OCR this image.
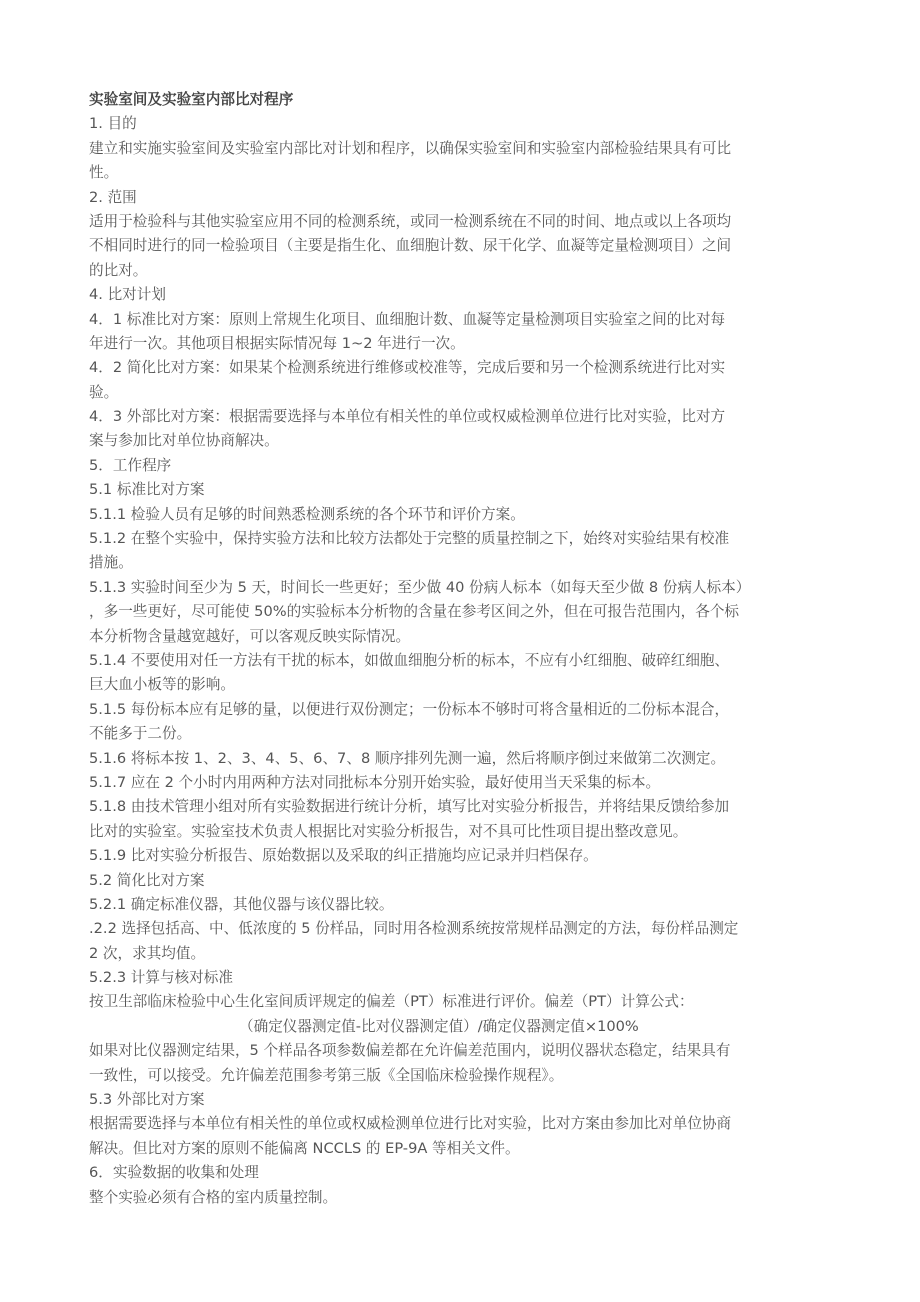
实验室间及实验室内部比对程序
1. 目的
建立和实施实验室间及实验室内部比对计划和程序，以确保实验室间和实验室内部检验结果具有可比
性。
2. 范围
适用于检验科与其他实验室应用不同的检测系统，或同一检测系统在不同的时间、地点或以上各项均
不相同时进行的同一检验项目（主要是指生化、血细胞计数、尿干化学、血凝等定量检测项目）之间
的比对。
4. 比对计划
4．1 标准比对方案：原则上常规生化项目、血细胞计数、血凝等定量检测项目实验室之间的比对每
年进行一次。其他项目根据实际情况每 1~2 年进行一次。
4．2 简化比对方案：如果某个检测系统进行维修或校准等，完成后要和另一个检测系统进行比对实
验。
4．3 外部比对方案：根据需要选择与本单位有相关性的单位或权威检测单位进行比对实验，比对方
案与参加比对单位协商解决。
5．工作程序
5.1 标准比对方案
5.1.1 检验人员有足够的时间熟悉检测系统的各个环节和评价方案。
5.1.2 在整个实验中，保持实验方法和比较方法都处于完整的质量控制之下，始终对实验结果有校准
措施。
5.1.3 实验时间至少为 5 天，时间长一些更好；至少做 40 份病人标本（如每天至少做 8 份病人标本）
，多一些更好，尽可能使 50%的实验标本分析物的含量在参考区间之外，但在可报告范围内，各个标
本分析物含量越宽越好，可以客观反映实际情况。
5.1.4 不要使用对任一方法有干扰的标本，如做血细胞分析的标本，不应有小红细胞、破碎红细胞、
巨大血小板等的影响。
5.1.5 每份标本应有足够的量，以便进行双份测定；一份标本不够时可将含量相近的二份标本混合，
不能多于二份。
5.1.6 将标本按 1、2、3、4、5、6、7、8 顺序排列先测一遍，然后将顺序倒过来做第二次测定。
5.1.7 应在 2 个小时内用两种方法对同批标本分别开始实验，最好使用当天采集的标本。
5.1.8 由技术管理小组对所有实验数据进行统计分析，填写比对实验分析报告，并将结果反馈给参加
比对的实验室。实验室技术负责人根据比对实验分析报告，对不具可比性项目提出整改意见。
5.1.9 比对实验分析报告、原始数据以及采取的纠正措施均应记录并归档保存。
5.2 简化比对方案
5.2.1 确定标准仪器，其他仪器与该仪器比较。
.2.2 选择包括高、中、低浓度的 5 份样品，同时用各检测系统按常规样品测定的方法，每份样品测定
2 次，求其均值。
5.2.3 计算与核对标准
按卫生部临床检验中心生化室间质评规定的偏差（PT）标准进行评价。偏差（PT）计算公式：
（确定仪器测定值-比对仪器测定值）/确定仪器测定值×100%
如果对比仪器测定结果，5 个样品各项参数偏差都在允许偏差范围内，说明仪器状态稳定，结果具有
一致性，可以接受。允许偏差范围参考第三版《全国临床检验操作规程》。
5.3 外部比对方案
根据需要选择与本单位有相关性的单位或权威检测单位进行比对实验，比对方案由参加比对单位协商
解决。但比对方案的原则不能偏离 NCCLS 的 EP-9A 等相关文件。
6．实验数据的收集和处理
整个实验必须有合格的室内质量控制。
